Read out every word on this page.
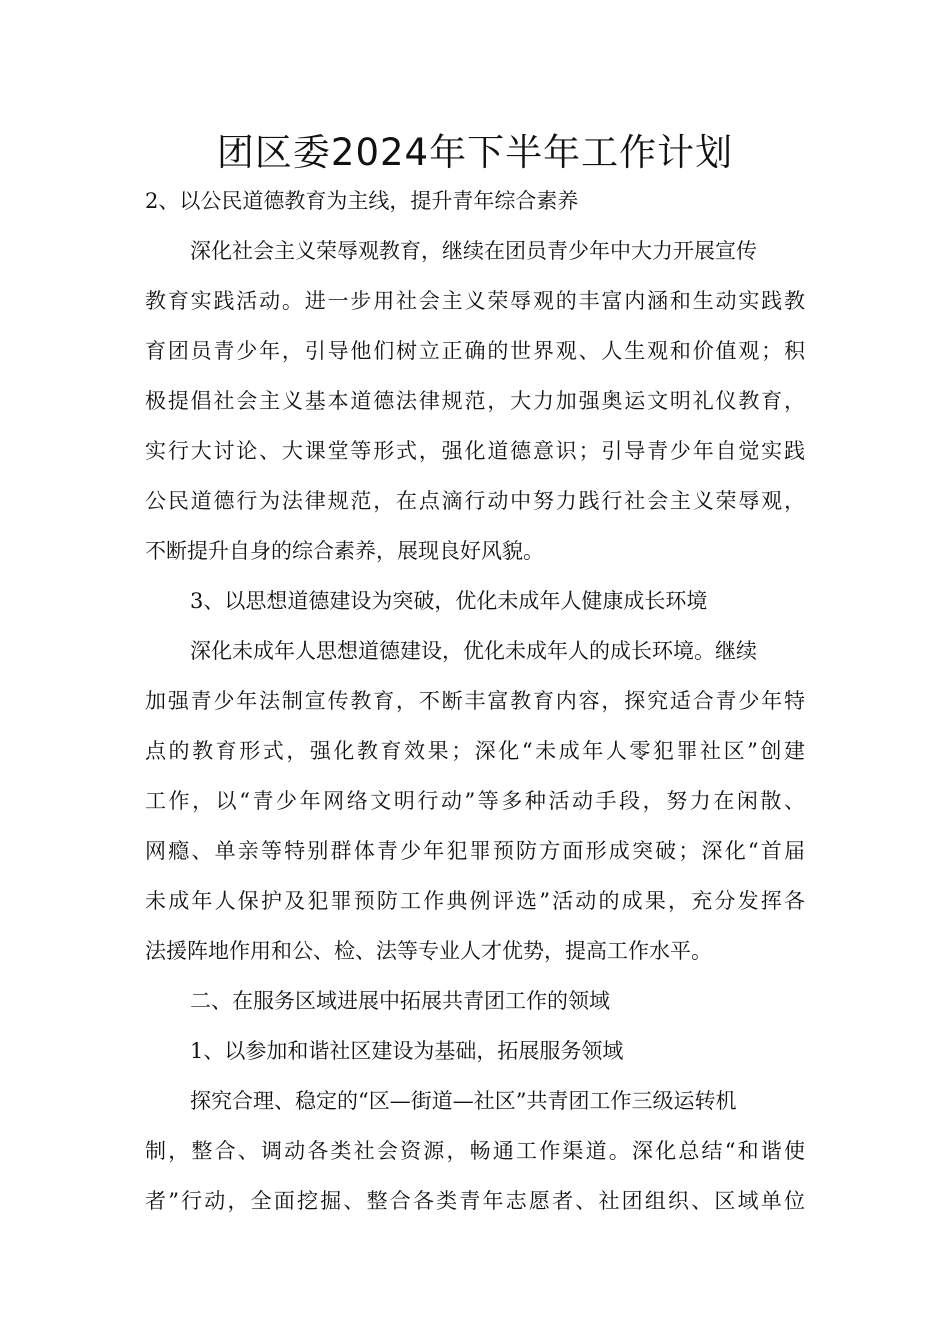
团区委2024年下半年工作计划
2、以公民道德教育为主线，提升青年综合素养
深化社会主义荣辱观教育，继续在团员青少年中大力开展宣传
教育实践活动。进一步用社会主义荣辱观的丰富内涵和生动实践教
育团员青少年，引导他们树立正确的世界观、人生观和价值观；积
极提倡社会主义基本道德法律规范，大力加强奥运文明礼仪教育，
实行大讨论、大课堂等形式，强化道德意识；引导青少年自觉实践
公民道德行为法律规范，在点滴行动中努力践行社会主义荣辱观，
不断提升自身的综合素养，展现良好风貌。
3、以思想道德建设为突破，优化未成年人健康成长环境
深化未成年人思想道德建设，优化未成年人的成长环境。继续
加强青少年法制宣传教育，不断丰富教育内容，探究适合青少年特
点的教育形式，强化教育效果；深化“未成年人零犯罪社区”创建
工作，以“青少年网络文明行动”等多种活动手段，努力在闲散、
网瘾、单亲等特别群体青少年犯罪预防方面形成突破；深化“首届
未成年人保护及犯罪预防工作典例评选”活动的成果，充分发挥各
法援阵地作用和公、检、法等专业人才优势，提高工作水平。
二、在服务区域进展中拓展共青团工作的领域
1、以参加和谐社区建设为基础，拓展服务领域
探究合理、稳定的“区—街道—社区”共青团工作三级运转机
制，整合、调动各类社会资源，畅通工作渠道。深化总结“和谐使
者”行动，全面挖掘、整合各类青年志愿者、社团组织、区域单位
